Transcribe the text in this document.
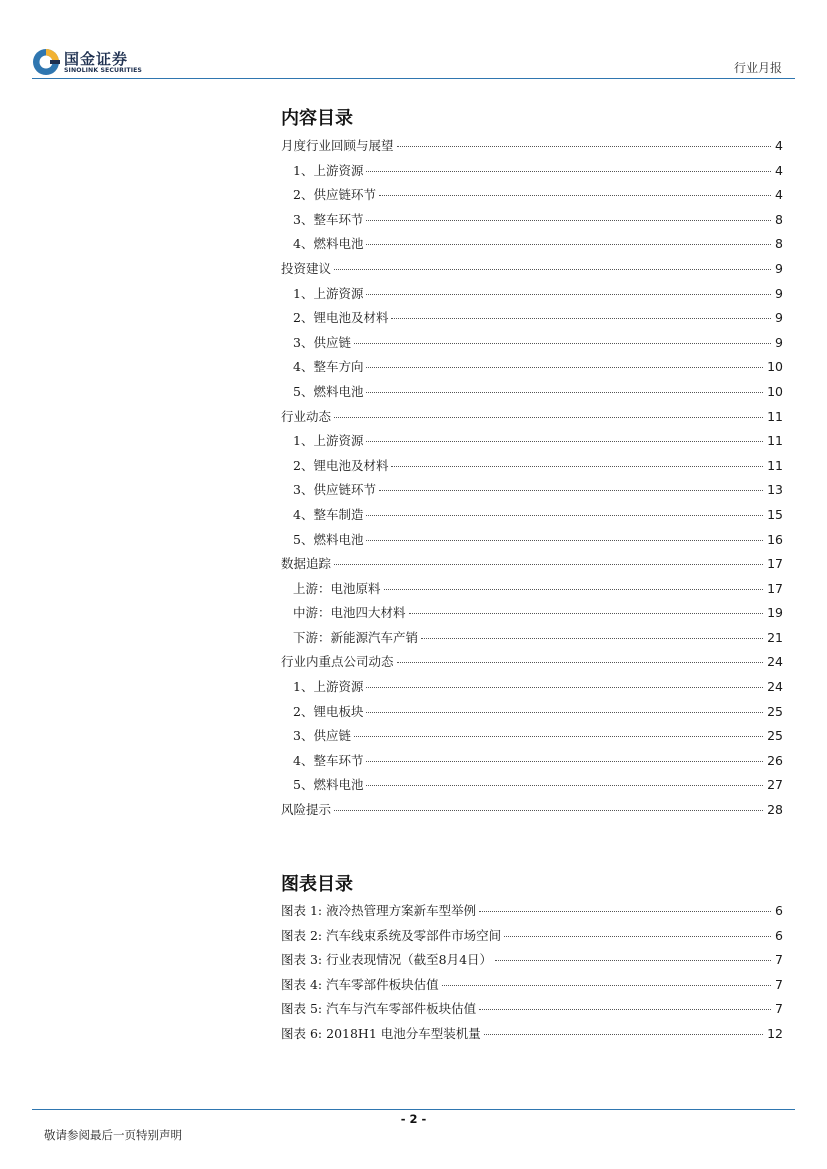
国金证券
SINOLINK SECURITIES	行业月报
内容目录
月度行业回顾与展望	4
1、上游资源	4
2、供应链环节	4
3、整车环节	8
4、燃料电池	8
投资建议	9
1、上游资源	9
2、锂电池及材料	9
3、供应链	9
4、整车方向	10
5、燃料电池	10
行业动态	11
1、上游资源	11
2、锂电池及材料	11
3、供应链环节	13
4、整车制造	15
5、燃料电池	16
数据追踪	17
上游：电池原料	17
中游：电池四大材料	19
下游：新能源汽车产销	21
行业内重点公司动态	24
1、上游资源	24
2、锂电板块	25
3、供应链	25
4、整车环节	26
5、燃料电池	27
风险提示	28
图表目录
图表 1: 液冷热管理方案新车型举例	6
图表 2: 汽车线束系统及零部件市场空间	6
图表 3: 行业表现情况（截至8月4日）	7
图表 4: 汽车零部件板块估值	7
图表 5: 汽车与汽车零部件板块估值	7
图表 6: 2018H1 电池分车型装机量	12
- 2 -
敬请参阅最后一页特别声明
